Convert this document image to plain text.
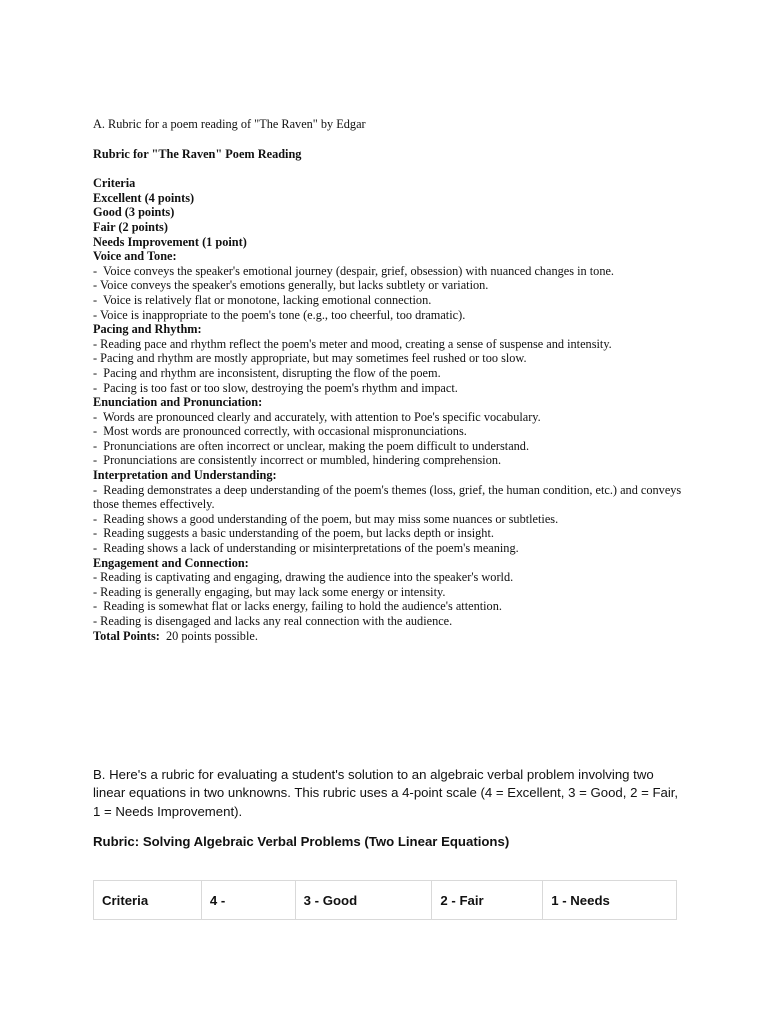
A. Rubric for a poem reading of "The Raven" by Edgar

Rubric for "The Raven" Poem Reading

Criteria
Excellent (4 points)
Good (3 points)
Fair (2 points)
Needs Improvement (1 point)
Voice and Tone:
-  Voice conveys the speaker's emotional journey (despair, grief, obsession) with nuanced changes in tone.
- Voice conveys the speaker's emotions generally, but lacks subtlety or variation.
-  Voice is relatively flat or monotone, lacking emotional connection.
- Voice is inappropriate to the poem's tone (e.g., too cheerful, too dramatic).
Pacing and Rhythm:
- Reading pace and rhythm reflect the poem's meter and mood, creating a sense of suspense and intensity.
- Pacing and rhythm are mostly appropriate, but may sometimes feel rushed or too slow.
-  Pacing and rhythm are inconsistent, disrupting the flow of the poem.
-  Pacing is too fast or too slow, destroying the poem's rhythm and impact.
Enunciation and Pronunciation:
-  Words are pronounced clearly and accurately, with attention to Poe's specific vocabulary.
-  Most words are pronounced correctly, with occasional mispronunciations.
-  Pronunciations are often incorrect or unclear, making the poem difficult to understand.
-  Pronunciations are consistently incorrect or mumbled, hindering comprehension.
Interpretation and Understanding:
-  Reading demonstrates a deep understanding of the poem's themes (loss, grief, the human condition, etc.) and conveys those themes effectively.
-  Reading shows a good understanding of the poem, but may miss some nuances or subtleties.
-  Reading suggests a basic understanding of the poem, but lacks depth or insight.
-  Reading shows a lack of understanding or misinterpretations of the poem's meaning.
Engagement and Connection:
- Reading is captivating and engaging, drawing the audience into the speaker's world.
- Reading is generally engaging, but may lack some energy or intensity.
-  Reading is somewhat flat or lacks energy, failing to hold the audience's attention.
- Reading is disengaged and lacks any real connection with the audience.
Total Points:  20 points possible.

B. Here's a rubric for evaluating a student's solution to an algebraic verbal problem involving two linear equations in two unknowns. This rubric uses a 4-point scale (4 = Excellent, 3 = Good, 2 = Fair, 1 = Needs Improvement).

Rubric: Solving Algebraic Verbal Problems (Two Linear Equations)

Criteria	4 -	3 - Good	2 - Fair	1 - Needs
